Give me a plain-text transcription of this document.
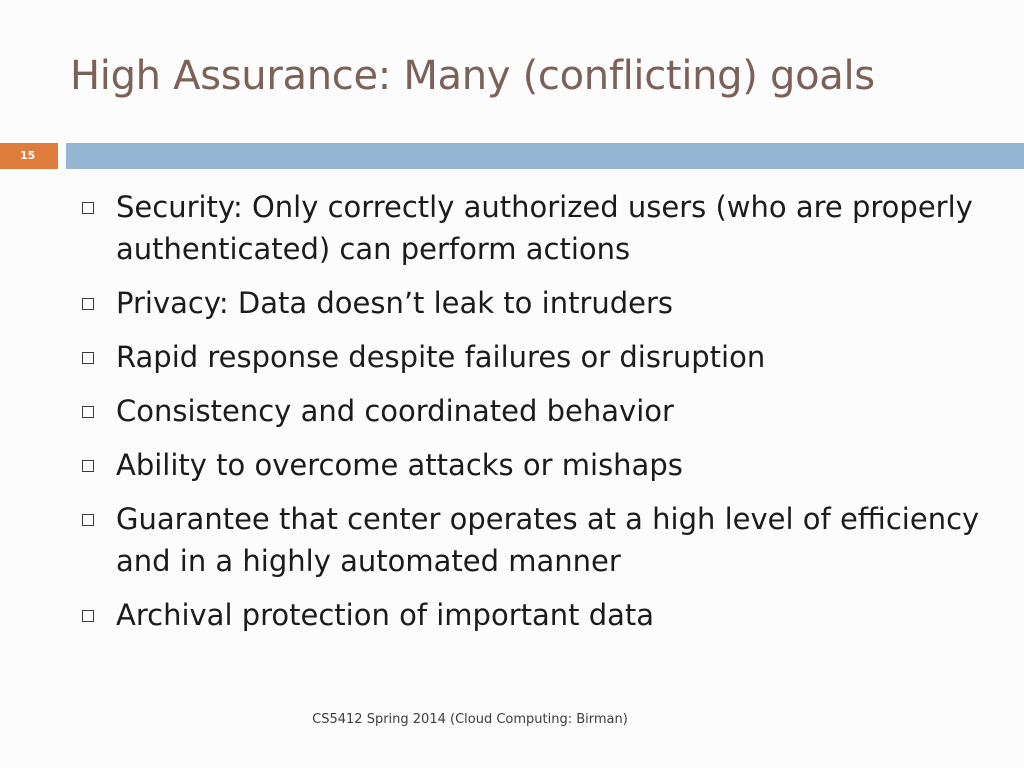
High Assurance: Many (conflicting) goals
15
Security: Only correctly authorized users (who are properly authenticated) can perform actions
Privacy: Data doesn’t leak to intruders
Rapid response despite failures or disruption
Consistency and coordinated behavior
Ability to overcome attacks or mishaps
Guarantee that center operates at a high level of efficiency and in a highly automated manner
Archival protection of important data
CS5412 Spring 2014 (Cloud Computing: Birman)
